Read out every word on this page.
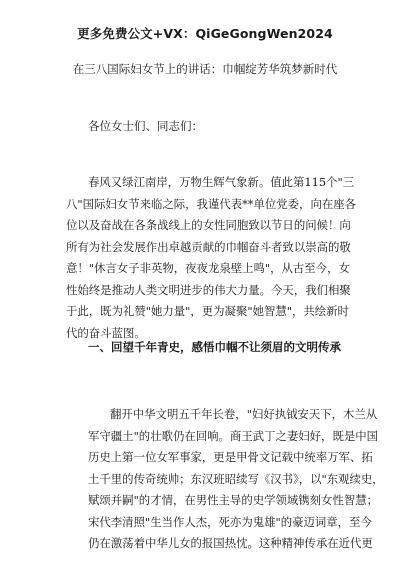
更多免费公文+VX：QiGeGongWen2024
在三八国际妇女节上的讲话：巾帼绽芳华筑梦新时代
各位女士们、同志们：
春风又绿江南岸，万物生辉气象新。值此第115个"三
八"国际妇女节来临之际，我谨代表**单位党委，向在座各
位以及奋战在各条战线上的女性同胞致以节日的问候！向
所有为社会发展作出卓越贡献的巾帼奋斗者致以崇高的敬
意！"休言女子非英物，夜夜龙泉壁上鸣"，从古至今，女
性始终是推动人类文明进步的伟大力量。今天，我们相聚
于此，既为礼赞"她力量"，更为凝聚"她智慧"，共绘新时
代的奋斗蓝图。
一、回望千年青史，感悟巾帼不让须眉的文明传承
翻开中华文明五千年长卷，"妇好执钺安天下，木兰从
军守疆土"的壮歌仍在回响。商王武丁之妻妇好，既是中国
历史上第一位女军事家，更是甲骨文记载中统率万军、拓
土千里的传奇统帅；东汉班昭续写《汉书》，以"东观续史，
赋颂并嗣"的才情，在男性主导的史学领域镌刻女性智慧；
宋代李清照"生当作人杰，死亦为鬼雄"的豪迈词章，至今
仍在激荡着中华儿女的报国热忱。这种精神传承在近代更
